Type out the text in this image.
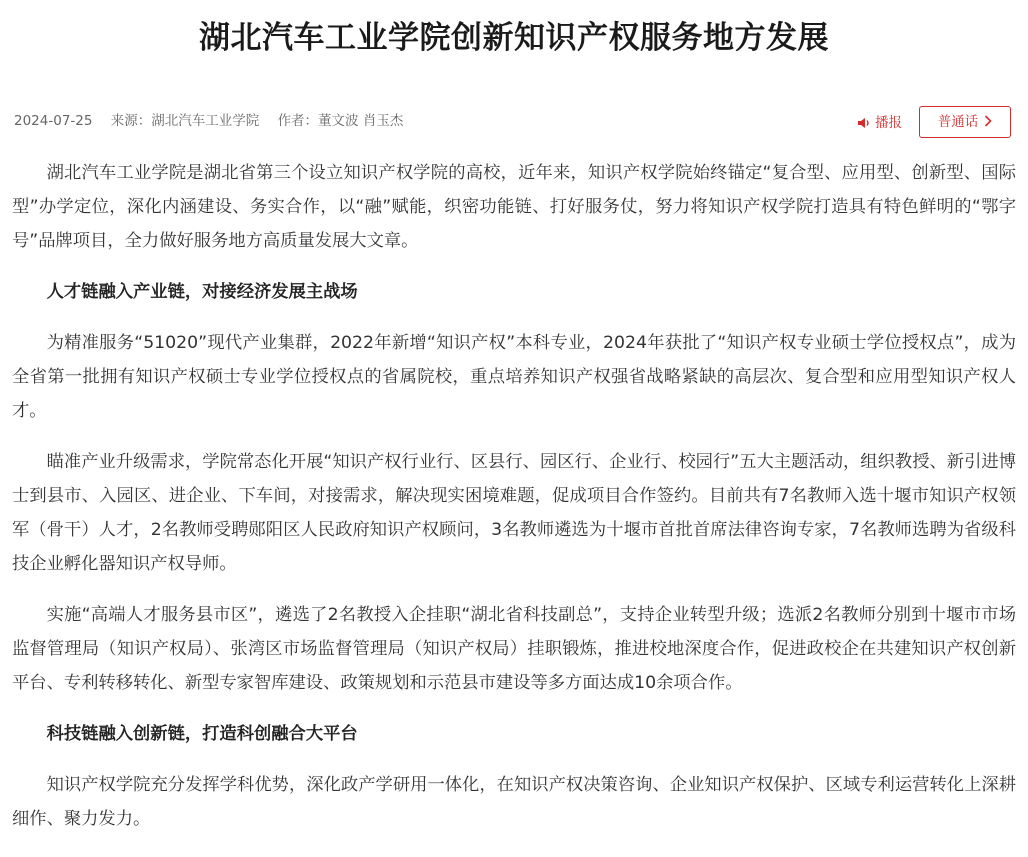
湖北汽车工业学院创新知识产权服务地方发展
2024-07-25 来源：湖北汽车工业学院 作者：董文波 肖玉杰	播报	普通话

湖北汽车工业学院是湖北省第三个设立知识产权学院的高校，近年来，知识产权学院始终锚定“复合型、应用型、创新型、国际型”办学定位，深化内涵建设、务实合作，以“融”赋能，织密功能链、打好服务仗，努力将知识产权学院打造具有特色鲜明的“鄂字号”品牌项目，全力做好服务地方高质量发展大文章。

人才链融入产业链，对接经济发展主战场

为精准服务“51020”现代产业集群，2022年新增“知识产权”本科专业，2024年获批了“知识产权专业硕士学位授权点”，成为全省第一批拥有知识产权硕士专业学位授权点的省属院校，重点培养知识产权强省战略紧缺的高层次、复合型和应用型知识产权人才。

瞄准产业升级需求，学院常态化开展“知识产权行业行、区县行、园区行、企业行、校园行”五大主题活动，组织教授、新引进博士到县市、入园区、进企业、下车间，对接需求，解决现实困境难题，促成项目合作签约。目前共有7名教师入选十堰市知识产权领军（骨干）人才，2名教师受聘郧阳区人民政府知识产权顾问，3名教师遴选为十堰市首批首席法律咨询专家，7名教师选聘为省级科技企业孵化器知识产权导师。

实施“高端人才服务县市区”，遴选了2名教授入企挂职“湖北省科技副总”，支持企业转型升级；选派2名教师分别到十堰市市场监督管理局（知识产权局）、张湾区市场监督管理局（知识产权局）挂职锻炼，推进校地深度合作，促进政校企在共建知识产权创新平台、专利转移转化、新型专家智库建设、政策规划和示范县市建设等多方面达成10余项合作。

科技链融入创新链，打造科创融合大平台

知识产权学院充分发挥学科优势，深化政产学研用一体化，在知识产权决策咨询、企业知识产权保护、区域专利运营转化上深耕细作、聚力发力。
